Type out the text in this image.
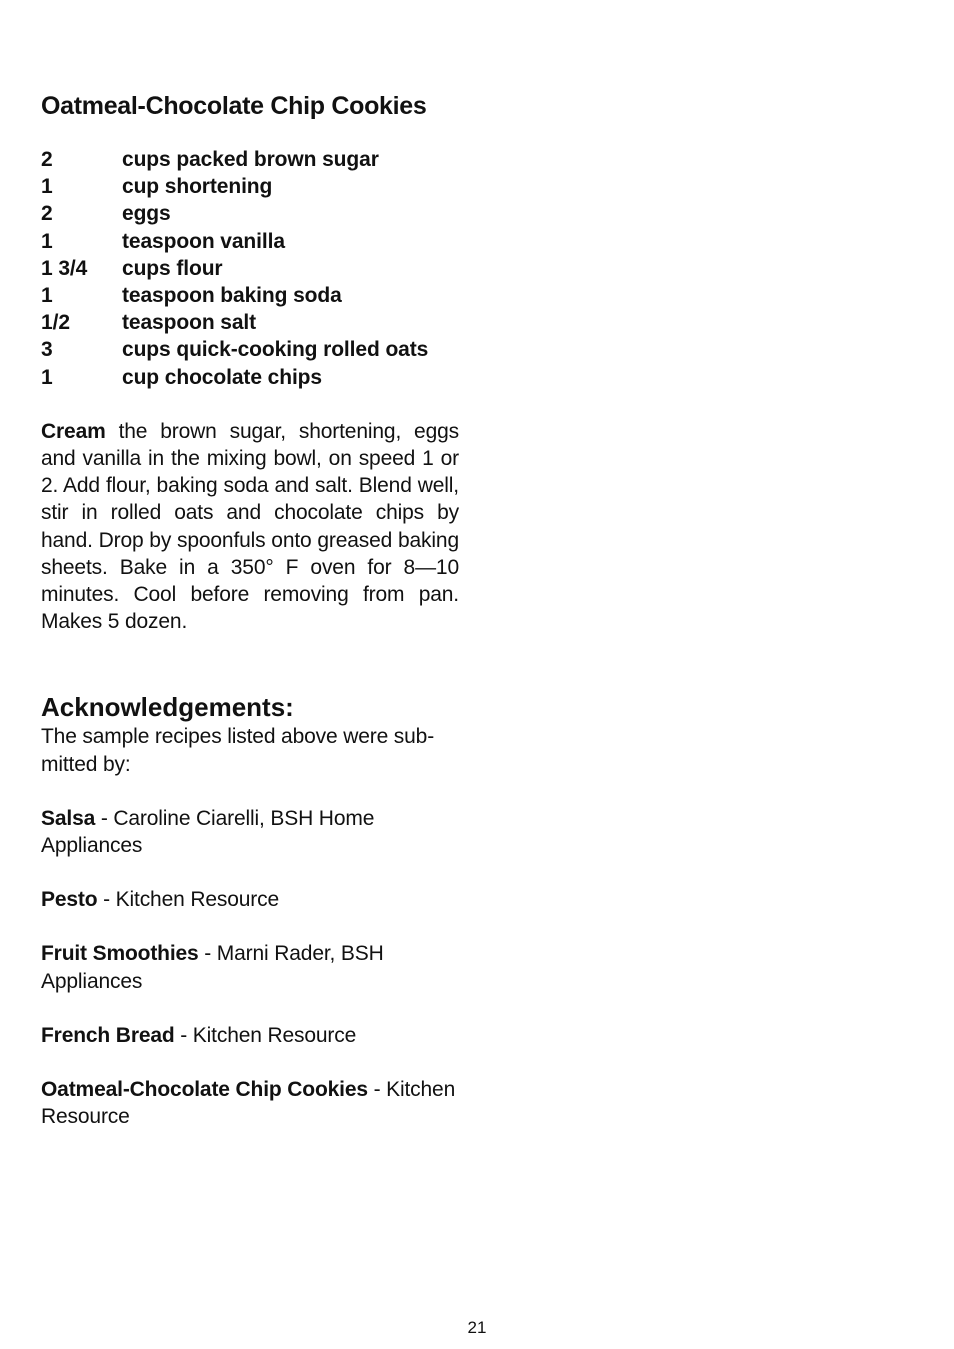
Oatmeal-Chocolate Chip Cookies
2	cups packed brown sugar
1	cup shortening
2	eggs
1	teaspoon vanilla
1 3/4	cups flour
1	teaspoon baking soda
1/2	teaspoon salt
3	cups quick-cooking rolled oats
1	cup chocolate chips

Cream the brown sugar, shortening, eggs and vanilla in the mixing bowl, on speed 1 or 2. Add flour, baking soda and salt. Blend well, stir in rolled oats and chocolate chips by hand. Drop by spoonfuls onto greased baking sheets. Bake in a 350° F oven for 8—10 minutes. Cool before removing from pan. Makes 5 dozen.

Acknowledgements:

The sample recipes listed above were sub-mitted by:

Salsa - Caroline Ciarelli, BSH Home Appliances
Pesto - Kitchen Resource
Fruit Smoothies - Marni Rader, BSH Appliances
French Bread - Kitchen Resource
Oatmeal-Chocolate Chip Cookies - Kitchen Resource
21
